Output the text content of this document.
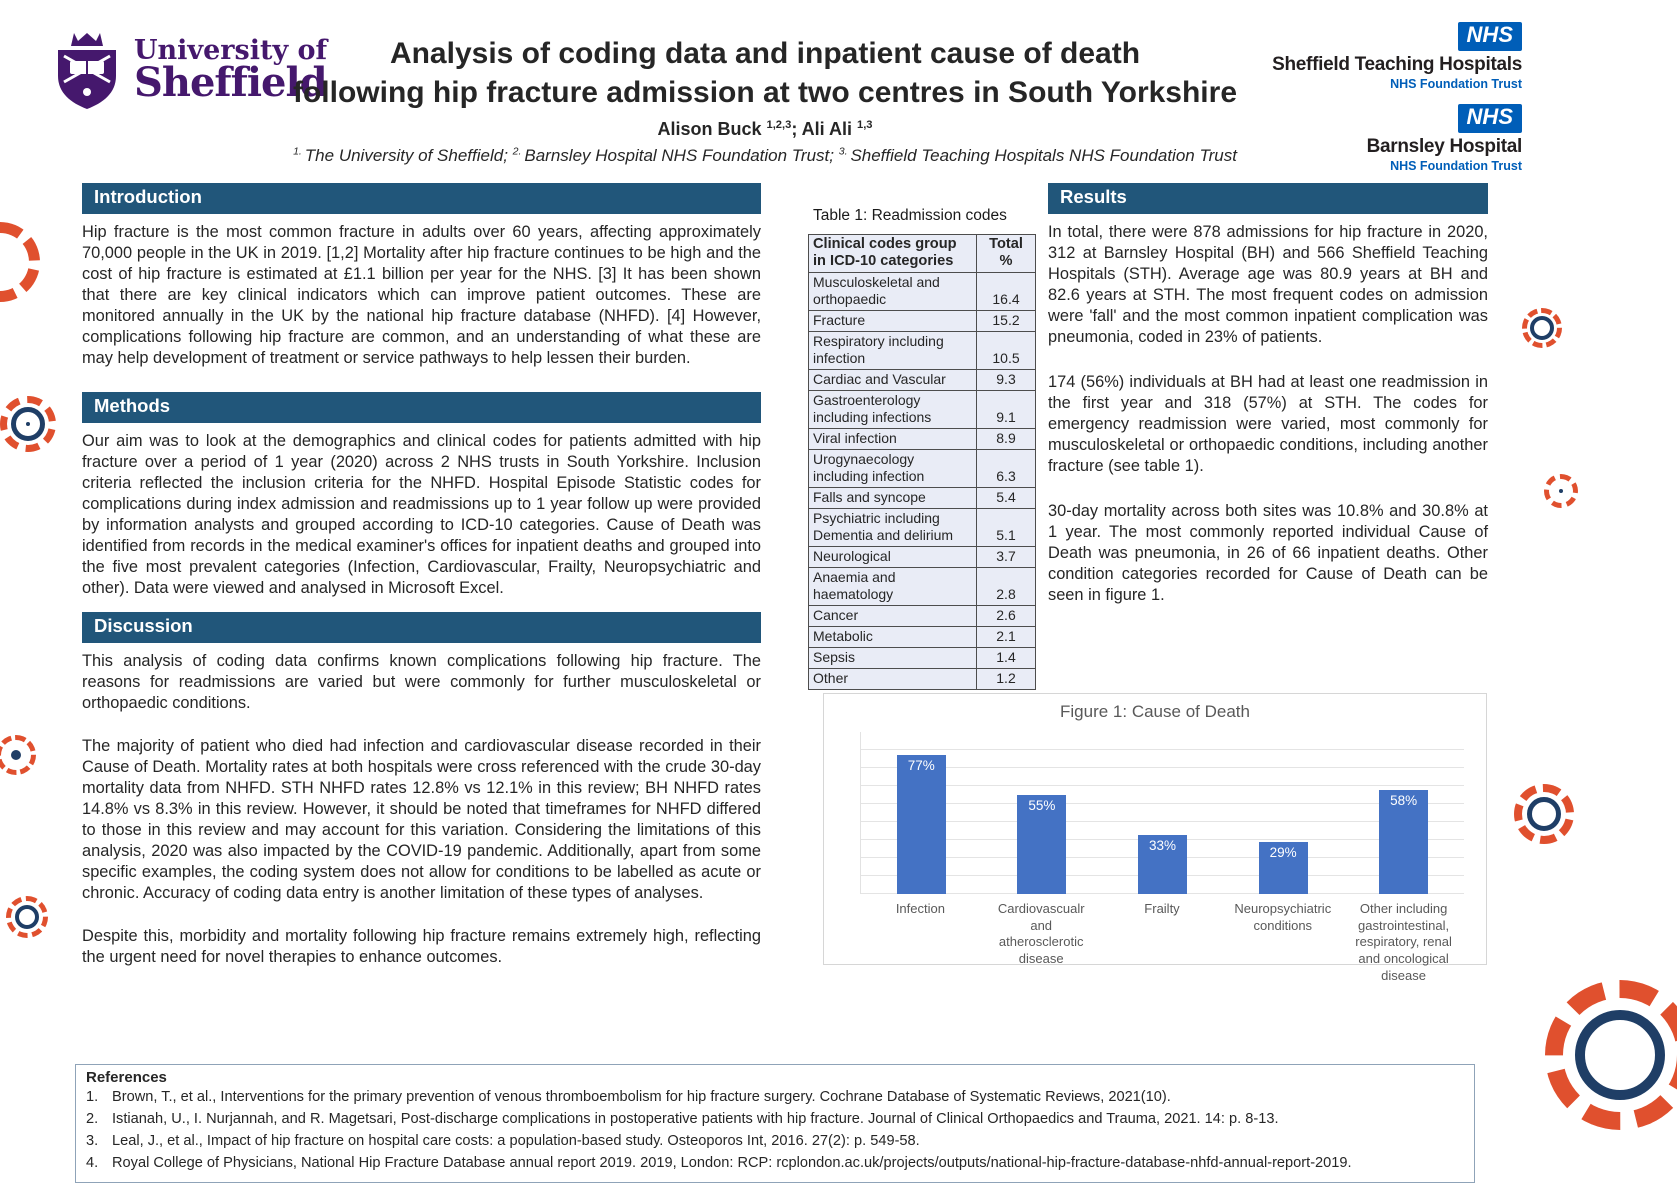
University of
Sheffield
Analysis of coding data and inpatient cause of death
following hip fracture admission at two centres in South Yorkshire
Alison Buck $^{1,2,3}$; Ali Ali $^{1,3}$
$^{1.}$ The University of Sheffield; $^{2.}$ Barnsley Hospital NHS Foundation Trust; $^{3.}$ Sheffield Teaching Hospitals NHS Foundation Trust
NHS
Sheffield Teaching Hospitals
NHS Foundation Trust
NHS
Barnsley Hospital
NHS Foundation Trust
Introduction

Hip fracture is the most common fracture in adults over 60 years, affecting approximately 70,000 people in the UK in 2019. [1,2] Mortality after hip fracture continues to be high and the cost of hip fracture is estimated at £1.1 billion per year for the NHS. [3] It has been shown that there are key clinical indicators which can improve patient outcomes. These are monitored annually in the UK by the national hip fracture database (NHFD). [4] However, complications following hip fracture are common, and an understanding of what these are may help development of treatment or service pathways to help lessen their burden.

Methods

Our aim was to look at the demographics and clinical codes for patients admitted with hip fracture over a period of 1 year (2020) across 2 NHS trusts in South Yorkshire. Inclusion criteria reflected the inclusion criteria for the NHFD. Hospital Episode Statistic codes for complications during index admission and readmissions up to 1 year follow up were provided by information analysts and grouped according to ICD-10 categories. Cause of Death was identified from records in the medical examiner's offices for inpatient deaths and grouped into the five most prevalent categories (Infection, Cardiovascular, Frailty, Neuropsychiatric and other). Data were viewed and analysed in Microsoft Excel.

Discussion

This analysis of coding data confirms known complications following hip fracture. The reasons for readmissions are varied but were commonly for further musculoskeletal or orthopaedic conditions.

The majority of patient who died had infection and cardiovascular disease recorded in their Cause of Death. Mortality rates at both hospitals were cross referenced with the crude 30-day mortality data from NHFD. STH NHFD rates 12.8% vs 12.1% in this review; BH NHFD rates 14.8% vs 8.3% in this review. However, it should be noted that timeframes for NHFD differed to those in this review and may account for this variation. Considering the limitations of this analysis, 2020 was also impacted by the COVID-19 pandemic. Additionally, apart from some specific examples, the coding system does not allow for conditions to be labelled as acute or chronic. Accuracy of coding data entry is another limitation of these types of analyses.

Despite this, morbidity and mortality following hip fracture remains extremely high, reflecting the urgent need for novel therapies to enhance outcomes.

Table 1: Readmission codes
Clinical codes group in ICD-10 categories	Total %
Musculoskeletal and orthopaedic	16.4
Fracture	15.2
Respiratory including infection	10.5
Cardiac and Vascular	9.3
Gastroenterology including infections	9.1
Viral infection	8.9
Urogynaecology including infection	6.3
Falls and syncope	5.4
Psychiatric including Dementia and delirium	5.1
Neurological	3.7
Anaemia and haematology	2.8
Cancer	2.6
Metabolic	2.1
Sepsis	1.4
Other	1.2
Results

In total, there were 878 admissions for hip fracture in 2020, 312 at Barnsley Hospital (BH) and 566 Sheffield Teaching Hospitals (STH). Average age was 80.9 years at BH and 82.6 years at STH. The most frequent codes on admission were 'fall' and the most common inpatient complication was pneumonia, coded in 23% of patients.

174 (56%) individuals at BH had at least one readmission in the first year and 318 (57%) at STH. The codes for emergency readmission were varied, most commonly for musculoskeletal or orthopaedic conditions, including another fracture (see table 1).

30-day mortality across both sites was 10.8% and 30.8% at 1 year. The most commonly reported individual Cause of Death was pneumonia, in 26 of 66 inpatient deaths. Other condition categories recorded for Cause of Death can be seen in figure 1.

Figure 1: Cause of Death
77%
55%
33%	29%
58%
Infection	Cardiovascualr and atherosclerotic disease
Frailty	Neuropsychiatric conditions
Other including gastrointestinal, respiratory, renal and oncological disease
References
1. Brown, T., et al., Interventions for the primary prevention of venous thromboembolism for hip fracture surgery. Cochrane Database of Systematic Reviews, 2021(10).
2. Istianah, U., I. Nurjannah, and R. Magetsari, Post-discharge complications in postoperative patients with hip fracture. Journal of Clinical Orthopaedics and Trauma, 2021. 14: p. 8-13.
3. Leal, J., et al., Impact of hip fracture on hospital care costs: a population-based study. Osteoporos Int, 2016. 27(2): p. 549-58.
4. Royal College of Physicians, National Hip Fracture Database annual report 2019. 2019, London: RCP: rcplondon.ac.uk/projects/outputs/national-hip-fracture-database-nhfd-annual-report-2019.
